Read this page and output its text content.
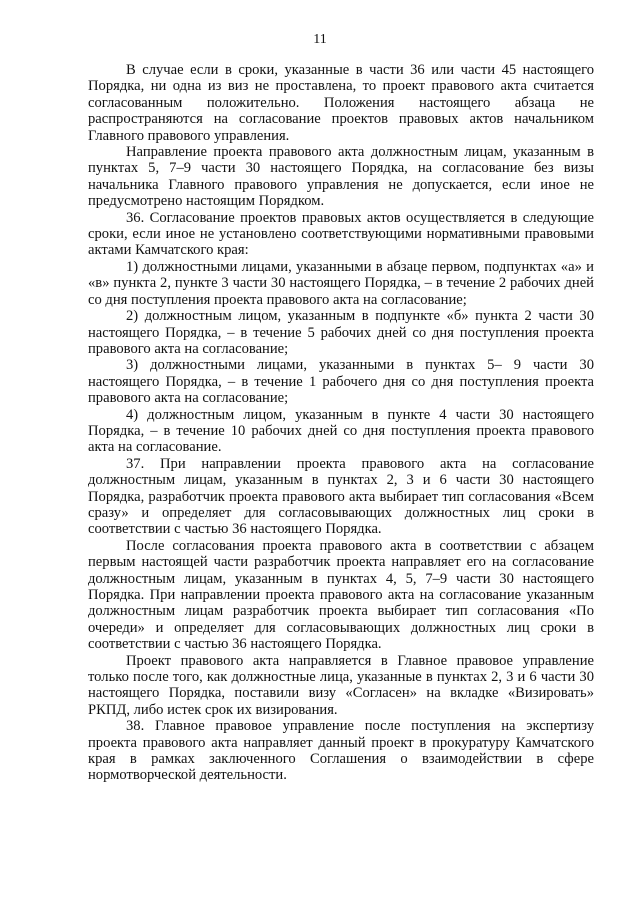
11

В случае если в сроки, указанные в части 36 или части 45 настоящего Порядка, ни одна из виз не проставлена, то проект правового акта считается согласованным положительно. Положения настоящего абзаца не распространяются на согласование проектов правовых актов начальником Главного правового управления.

Направление проекта правового акта должностным лицам, указанным в пунктах 5, 7–9 части 30 настоящего Порядка, на согласование без визы начальника Главного правового управления не допускается, если иное не предусмотрено настоящим Порядком.

36. Согласование проектов правовых актов осуществляется в следующие сроки, если иное не установлено соответствующими нормативными правовыми актами Камчатского края:

1) должностными лицами, указанными в абзаце первом, подпунктах «а» и «в» пункта 2, пункте 3 части 30 настоящего Порядка, – в течение 2 рабочих дней со дня поступления проекта правового акта на согласование;

2) должностным лицом, указанным в подпункте «б» пункта 2 части 30 настоящего Порядка, – в течение 5 рабочих дней со дня поступления проекта правового акта на согласование;

3) должностными лицами, указанными в пунктах 5– 9 части 30 настоящего Порядка, – в течение 1 рабочего дня со дня поступления проекта правового акта на согласование;

4) должностным лицом, указанным в пункте 4 части 30 настоящего Порядка, – в течение 10 рабочих дней со дня поступления проекта правового акта на согласование.

37. При направлении проекта правового акта на согласование должностным лицам, указанным в пунктах 2, 3 и 6 части 30 настоящего Порядка, разработчик проекта правового акта выбирает тип согласования «Всем сразу» и определяет для согласовывающих должностных лиц сроки в соответствии с частью 36 настоящего Порядка.

После согласования проекта правового акта в соответствии с абзацем первым настоящей части разработчик проекта направляет его на согласование должностным лицам, указанным в пунктах 4, 5, 7–9 части 30 настоящего Порядка. При направлении проекта правового акта на согласование указанным должностным лицам разработчик проекта выбирает тип согласования «По очереди» и определяет для согласовывающих должностных лиц сроки в соответствии с частью 36 настоящего Порядка.

Проект правового акта направляется в Главное правовое управление только после того, как должностные лица, указанные в пунктах 2, 3 и 6 части 30 настоящего Порядка, поставили визу «Согласен» на вкладке «Визировать» РКПД, либо истек срок их визирования.

38. Главное правовое управление после поступления на экспертизу проекта правового акта направляет данный проект в прокуратуру Камчатского края в рамках заключенного Соглашения о взаимодействии в сфере нормотворческой деятельности.
